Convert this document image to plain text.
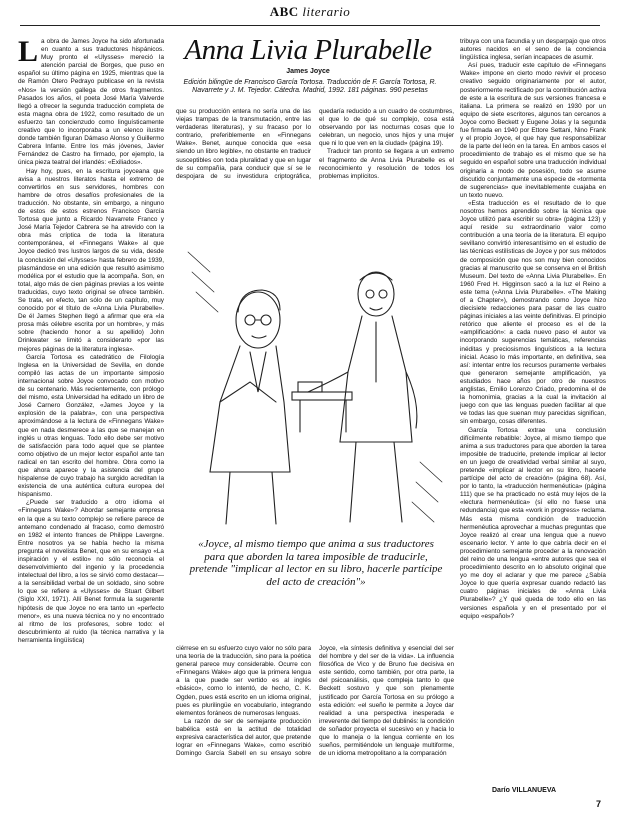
ABC literario
Anna Livia Plurabelle
James Joyce
Edición bilingüe de Francisco García Tortosa. Traducción de F. García Tortosa, R. Navarrete y J. M. Tejedor. Cátedra. Madrid, 1992. 181 páginas. 990 pesetas

La obra de James Joyce ha sido afortunada en cuanto a sus traductores hispánicos. Muy pronto el «Ulysses» mereció la atención parcial de Borges, que puso en español su último página en 1925, mientras que la de Ramón Otero Pedrayo publicase en la revista «Nos» la versión gallega de otros fragmentos. Pasados los años, el poeta José María Valverde llegó a ofrecer la segunda traducción completa de esta magna obra de 1922, como resultado de un esfuerzo tan concienzudo como linguísticamente creativo que lo incorporaba a un elenco ilustre donde también figuran Dámaso Alonso y Guillermo Cabrera Infante. Entre los más jóvenes, Javier Fernández de Castro ha firmado, por ejemplo, la única pieza teatral del irlandés: «Exiliados».

Hay hoy, pues, en la escritura joyceana que avisa a nuestros literatos hasta el extremo de convertirlos en sus servidores, hombres con hambre de otros desafíos profesionales de la traducción. No obstante, sin embargo, a ninguno de estos de estos estrenos Francisco García Tortosa que junto a Ricardo Navarrete Franco y José María Tejedor Cabrera se ha atrevido con la obra más críptica de toda la literatura contemporánea, el «Finnegans Wake» al que Joyce dedicó tres lustros largos de su vida, desde la conclusión del «Ulysses» hasta febrero de 1939, plasmándose en una edición que resultó asimismo modélica por el estudio que la acompaña. Son, en total, algo más de cien páginas previas a los veinte traducidas, cuyo texto original se ofrece también. Se trata, en efecto, tan sólo de un capítulo, muy conocido por el título de «Anna Livia Plurabelle». De él James Stephen llegó a afirmar que era «la prosa más célebre escrita por un hombre», y más sobre (haciendo honor a su apellido) John Drinkwater se limitó a considerarlo «por las mejores páginas de la literatura inglesa».

García Tortosa es catedrático de Filología Inglesa en la Universidad de Sevilla, en donde compiló las actas de un importante simposio internacional sobre Joyce convocado con motivo de su centenario. Más recientemente, con prólogo del mismo, esta Universidad ha editado un libro de José Carnero González, «James Joyce y la explosión de la palabra», con una perspectiva aproximándose a la lectura de «Finnegans Wake» que en nada desmerece a las que se manejan en inglés u otras lenguas. Todo ello debe ser motivo de satisfacción para todo aquel que se plantee como objetivo de un mejor lector español ante tan radical en tan escrito del hombre. Obra como la que ahora aparece y la asistencia del grupo hispalense de cuyo trabajo ha surgido acreditan la existencia de una auténtica cultura europea del hispanismo.

¿Puede ser traducido a otro idioma el «Finnegans Wake»? Abordar semejante empresa en la que a su texto complejo se refiere parece de antemano condenado al fracaso, como demostró en 1982 el intento frances de Philippe Lavergne. Entre nosotros ya se había hecho la misma pregunta el novelista Benet, que en su ensayo «La inspiración y el estilo» no sólo reconocía el desenvolvimiento del ingenio y la procedencia intelectual del libro, a los se sirvió como destacar—a la sensibilidad verbal de un soldado, sino sobre lo que se refiere a «Ulysses» de Stuart Gilbert (Siglo XXI, 1971). Allí Benet formula la sugerente hipótesis de que Joyce no era tanto un «perfecto menor», es una nueva técnica no y no encontrado al ritmo de los profesores, sobre todo: el descubrimiento al ruido (la técnica narrativa y la herramienta lingüística)

que su producción entera no sería una de las viejas trampas de la transmutación, entre las verdaderas literaturas), y su fracaso por lo contrario, preferiblemente en «Finnegans Wake». Benet, aunque conocida que «esa siendo un libro legible», no obstante en traducir susceptibles con toda pluralidad y que en lugar de su compañía, para conducir que sí se le despojara de su investidura criptográfica, quedaría reducido a un cuadro de costumbres, el que lo de qué su complejo, cosa está observando por las nocturnas cosas que lo celebran, un negocio, unos hijos y una mujer que ni lo que ven en la ciudad» (página 19).

Traducir tan pronto se llegara a un extremo el fragmento de Anna Livia Plurabelle es el reconocimiento y resolución de todos los problemas implícitos.

«Joyce, al mismo tiempo que anima a sus traductores para que aborden la tarea imposible de traducirle, pretende "implicar al lector en su libro, hacerle partícipe del acto de creación"»

ciérrese en su esfuerzo cuyo valor no sólo para una teoría de la traducción, sino para la poética general parece muy considerable. Ocurre con «Finnegans Wake» algo que la primera lengua a la que puede ser vertido es al inglés «básico», como lo intentó, de hecho, C. K. Ogden, pues está escrito en un idioma original, pues es plurilingüe en vocabulario, integrando elementos foráneos de numerosas lenguas.

La razón de ser de semejante producción babélica está en la actitud de totalidad expresiva característica del autor, que pretende lograr en «Finnegans Wake», como escribió Domingo García Sabell en su ensayo sobre Joyce, «la síntesis definitiva y esencial del ser del hombre y del ser de la vida». La influencia filosófica de Vico y de Bruno fue decisiva en este sentido, como también, por otra parte, la del psicoanálisis, que compleja tanto lo que Beckett sostuvo y que son plenamente justificado por García Tortosa en su prólogo a esta edición: «el sueño le permite a Joyce dar realidad a una perspectiva inesperada e irreverente del tiempo del dublinés: la condición de soñador proyecta el sucesivo en y hacia lo que lo maneja o la lengua corriente en los sueños, permitiéndole un lenguaje multiforme, de un idioma metropolitano a la comparación

tribuya con una facundia y un desparpajo que otros autores nacidos en el seno de la conciencia lingüística inglesa, serían incapaces de asumir.

Así pues, traducir este capítulo de «Finnegans Wake» impone en cierto modo revivir el proceso creativo seguido originariamente por el autor, posteriormente rectificado por la contribución activa de este a la escritura de sus versiones francesa e italiana. La primera se realizó en 1930 por un equipo de siete escritores, algunos tan cercanos a Joyce como Beckett y Eugene Jolas y la segunda fue firmada en 1940 por Ettore Settani, Nino Frank y el propio Joyce, el que hay que responsabilizar de la parte del león en la tarea. En ambos casos el procedimiento de trabajo es el mismo que se ha seguido en español sobre una traducción individual originaria a modo de posesión, todo se asume discutido conjuntamente una especie de «tormenta de sugerencias» que inevitablemente cuajaba en un texto nuevo.

«Esta traducción es el resultado de lo que nosotros hemos aprendido sobre la técnica que Joyce utilizó para escribir su obra» (página 123) y aquí reside su extraordinario valor como contribución a una teoría de la literatura. El equipo sevillano convirtió interesantísimo en el estudio de las técnicas estilísticas de Joyce y por sus métodos de composición que nos son muy bien conocidos gracias al manuscrito que se conserva en el British Museum. Del texto de «Anna Livia Plurabelle». En 1960 Fred H. Higginson sacó a la luz el Reino a este tema («Anna Livia Plurabelle». «The Making of a Chapter»), demostrando como Joyce hizo diecisiete redacciones para pasar de las cuatro páginas iniciales a las veinte definitivas. El principio retórico que aliente el proceso es el de la «amplificación»: a cada nuevo paso el autor va incorporando sugerencias temáticas, referencias inéditas y preciosismos linguísticos a la lectura inicial. Acaso lo más importante, en definitiva, sea así: intentar entre los recursos puramente verbales que generaron semejante amplificación, ya estudiados hace años por otro de nuestros anglistas, Emilio Lorenzo Criado, predomina el de la homonimia, gracias a la cual la invitación al juego con que las lenguas pueden facilitar al que ve todas las que suenan muy parecidas significan, sin embargo, cosas diferentes.

García Tortosa extrae una conclusión difícilmente rebatible: Joyce, al mismo tiempo que anima a sus traductores para que aborden la tarea imposible de traducirle, pretende implicar al lector en un juego de creatividad verbal similar al suyo, pretende «implicar al lector en su libro, hacerle partícipe del acto de creación» (página 68). Así, por lo tanto, la «traducción hermenéutica» (página 111) que se ha practicado no está muy lejos de la «lectura hermenéutica» (sí ello no fuese una redundancia) que esta «work in progress» reclama. Más esta misma condición de traducción hermenéutica aprovechar a muchas preguntas que Joyce realizó al crear una lengua que a nuevo escenario lector. Y ante lo que cabría decir en el procedimiento semejante proceder a la renovación del reino de una lengua «entre autores que sea el procedimiento descrito en lo absoluto original que yo me doy el aclarar y que me parece ¿Sabía Joyce lo que quería expresar cuando redactó las cuatro páginas iniciales de «Anna Livia Plurabelle»? ¿Y qué queda de todo ello en las versiones española y en el presentado por el equipo «español»?

Darío VILLANUEVA
7
